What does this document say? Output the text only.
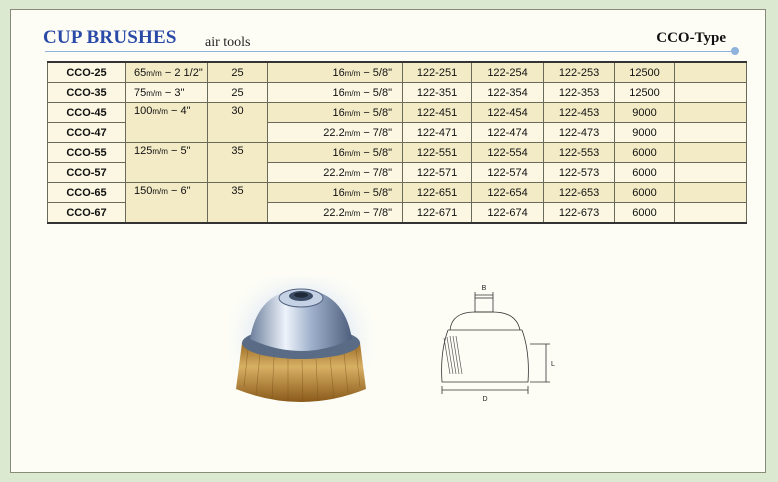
CUP BRUSHES air tools	CCO-Type
CCO-25	65m/m − 2 1/2"	25	16m/m − 5/8"	122-251	122-254	122-253	12500	
CCO-35	75m/m − 3"	25	16m/m − 5/8"	122-351	122-354	122-353	12500	
CCO-45	100m/m − 4"	30	16m/m − 5/8"	122-451	122-454	122-453	9000	
CCO-47			22.2m/m − 7/8"	122-471	122-474	122-473	9000	
CCO-55	125m/m − 5"	35	16m/m − 5/8"	122-551	122-554	122-553	6000	
CCO-57			22.2m/m − 7/8"	122-571	122-574	122-573	6000	
CCO-65	150m/m − 6"	35	16m/m − 5/8"	122-651	122-654	122-653	6000	
CCO-67			22.2m/m − 7/8"	122-671	122-674	122-673	6000	
B
L
D
